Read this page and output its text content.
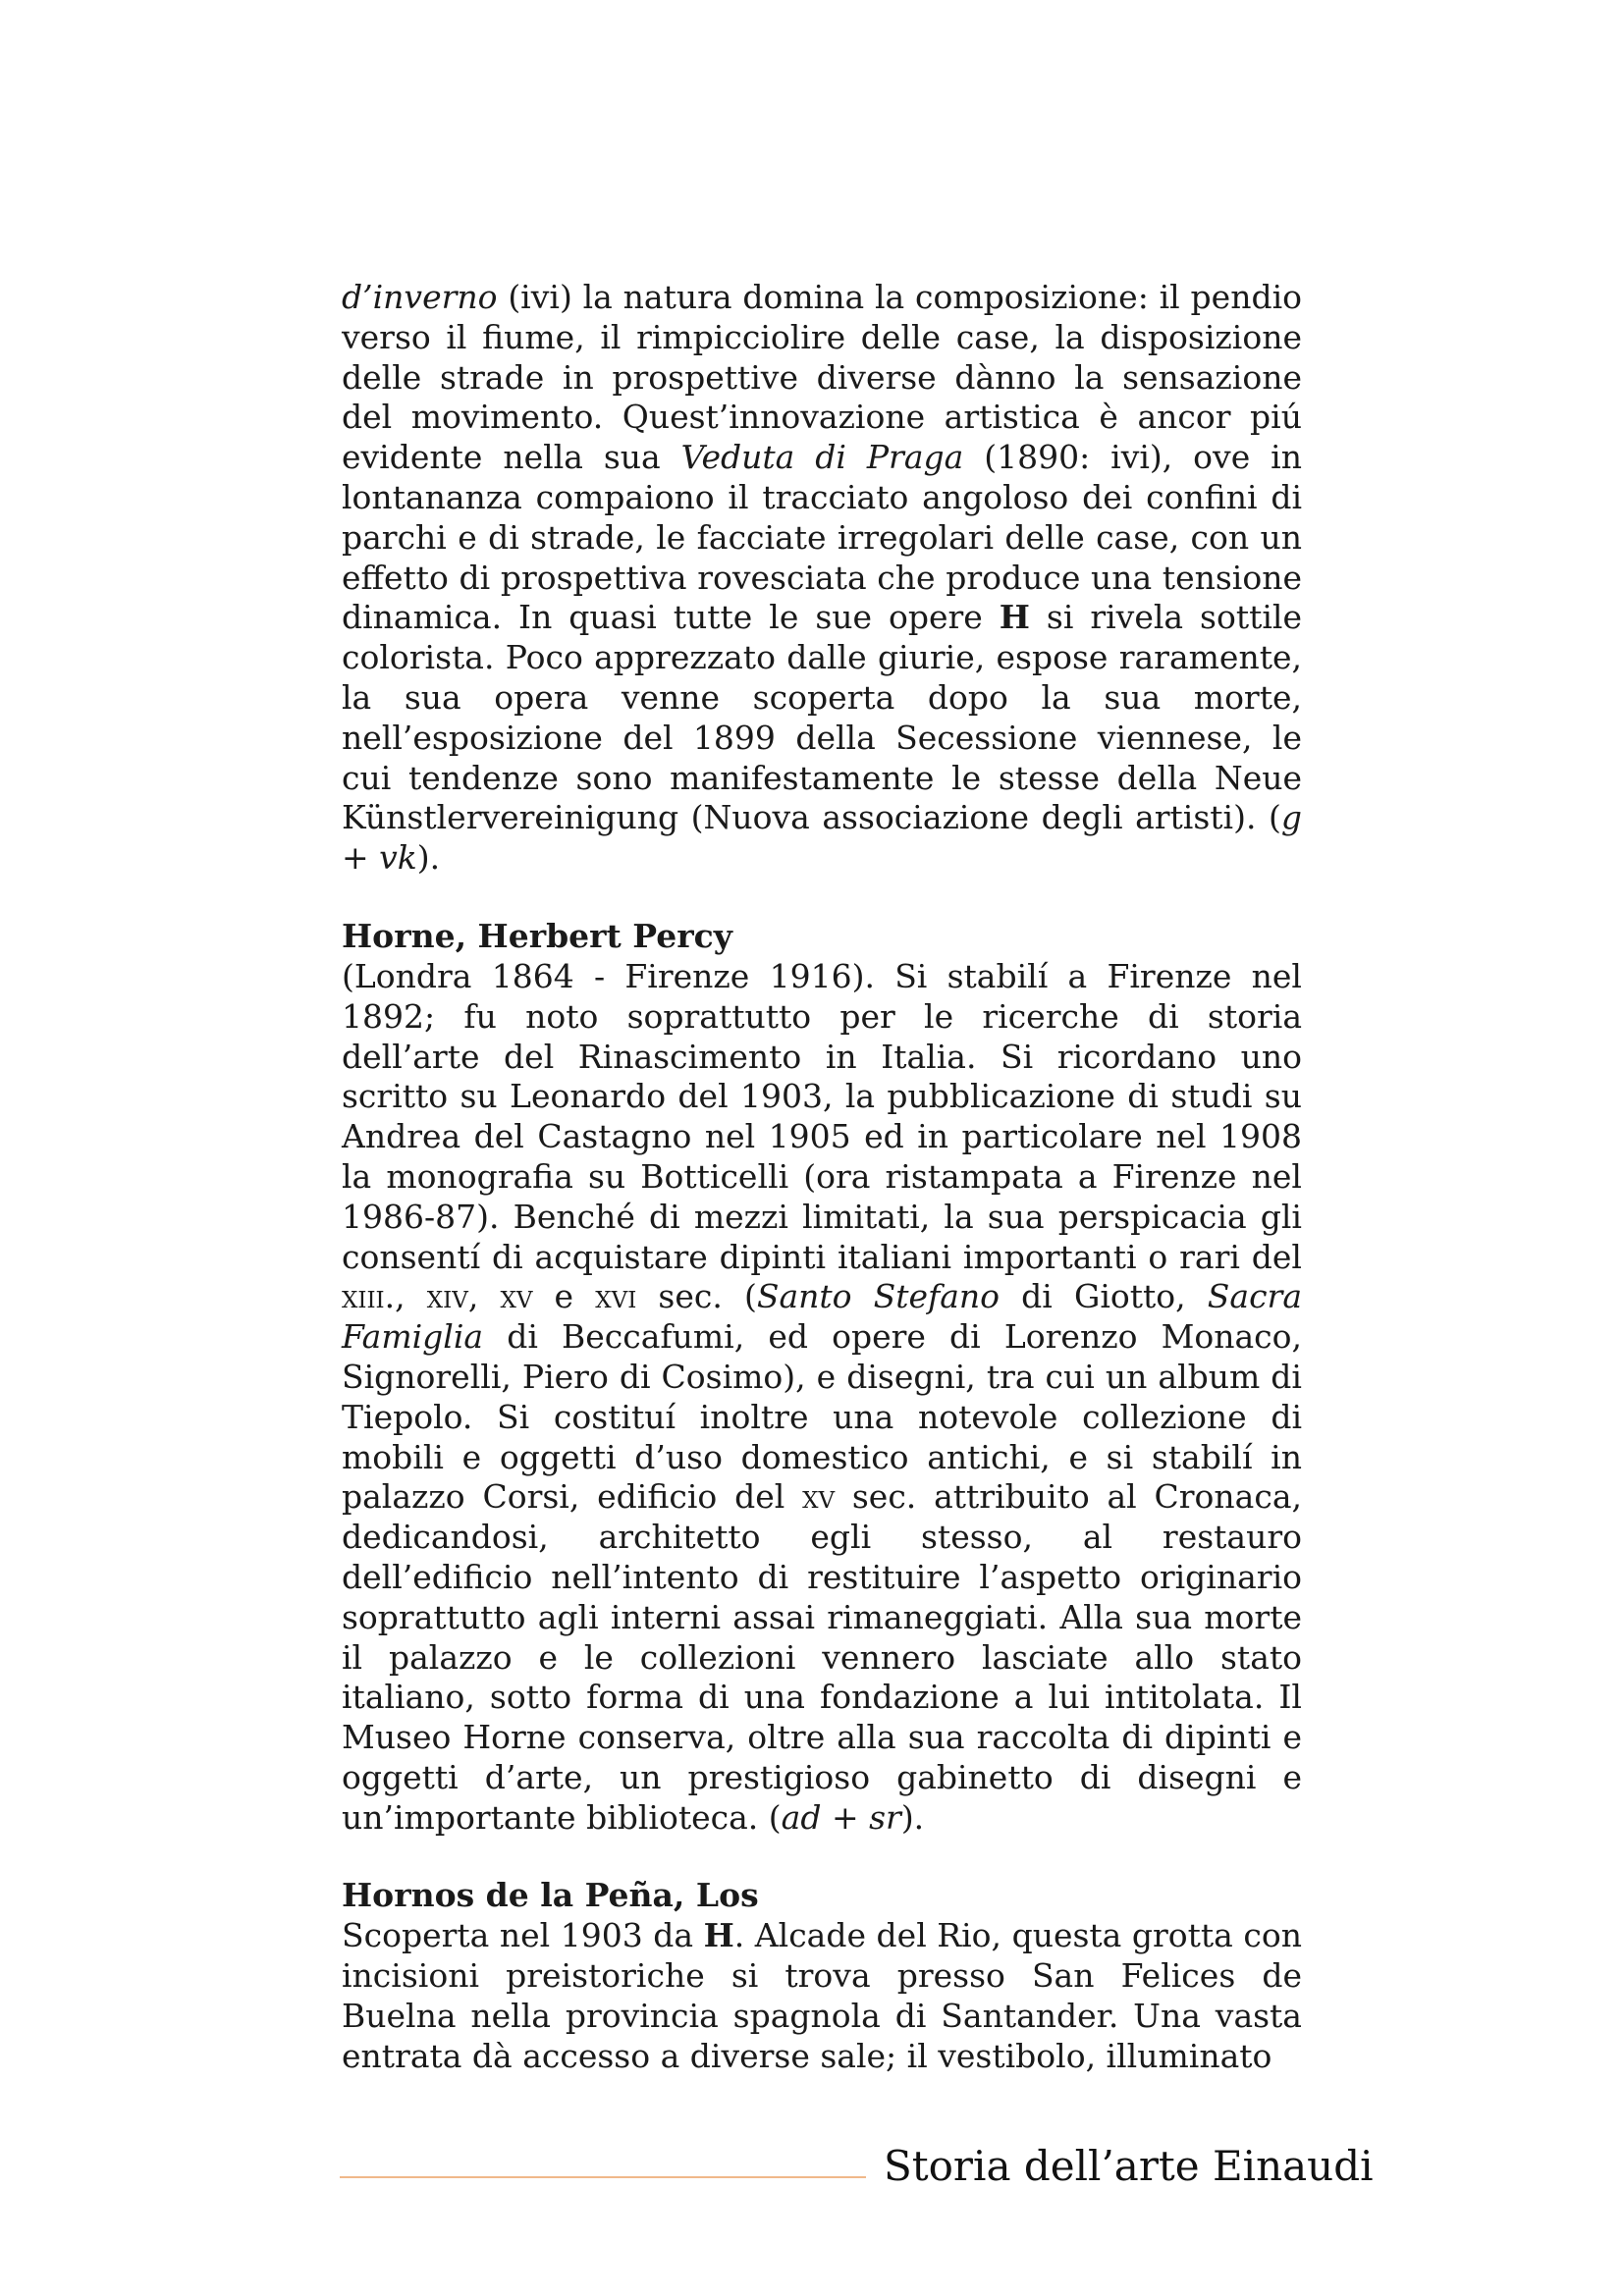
d’inverno (ivi) la natura domina la composizione: il pendio verso il fiume, il rimpicciolire delle case, la disposizione delle strade in prospettive diverse dànno la sensazione del movimento. Quest’innovazione artistica è ancor piú evidente nella sua Veduta di Praga (1890: ivi), ove in lontananza compaiono il tracciato angoloso dei confini di parchi e di strade, le facciate irregolari delle case, con un effetto di prospettiva rovesciata che produce una tensione dinamica. In quasi tutte le sue opere H si rivela sottile colorista. Poco apprezzato dalle giurie, espose raramente, la sua opera venne scoperta dopo la sua morte, nell’esposizione del 1899 della Secessione viennese, le cui tendenze sono manifestamente le stesse della Neue Künstlervereinigung (Nuova associazione degli artisti). (g + vk).

Horne, Herbert Percy

(Londra 1864 - Firenze 1916). Si stabilí a Firenze nel 1892; fu noto soprattutto per le ricerche di storia dell’arte del Rinascimento in Italia. Si ricordano uno scritto su Leonardo del 1903, la pubblicazione di studi su Andrea del Castagno nel 1905 ed in particolare nel 1908 la monografia su Botticelli (ora ristampata a Firenze nel 1986-87). Benché di mezzi limitati, la sua perspicacia gli consentí di acquistare dipinti italiani importanti o rari del xiii., xiv, xv e xvi sec. (Santo Stefano di Giotto, Sacra Famiglia di Beccafumi, ed opere di Lorenzo Monaco, Signorelli, Piero di Cosimo), e disegni, tra cui un album di Tiepolo. Si costituí inoltre una notevole collezione di mobili e oggetti d’uso domestico antichi, e si stabilí in palazzo Corsi, edificio del xv sec. attribuito al Cronaca, dedicandosi, architetto egli stesso, al restauro dell’edificio nell’intento di restituire l’aspetto originario soprattutto agli interni assai rimaneggiati. Alla sua morte il palazzo e le collezioni vennero lasciate allo stato italiano, sotto forma di una fondazione a lui intitolata. Il Museo Horne conserva, oltre alla sua raccolta di dipinti e oggetti d’arte, un prestigioso gabinetto di disegni e un’importante biblioteca. (ad + sr).

Hornos de la Peña, Los

Scoperta nel 1903 da H. Alcade del Rio, questa grotta con incisioni preistoriche si trova presso San Felices de Buelna nella provincia spagnola di Santander. Una vasta entrata dà accesso a diverse sale; il vestibolo, illuminato

Storia dell’arte Einaudi
